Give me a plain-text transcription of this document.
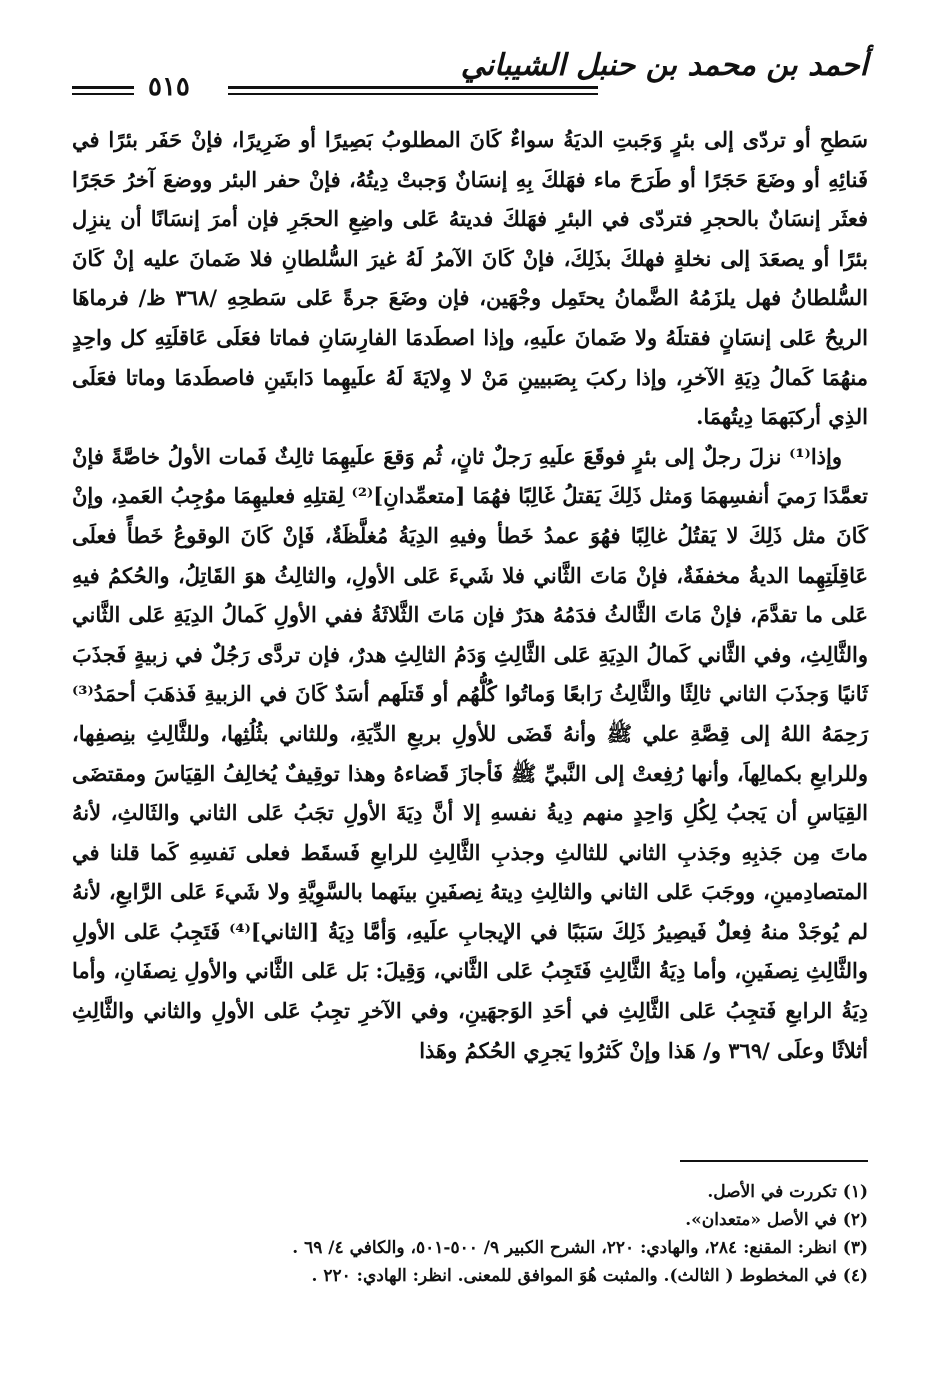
أحمد بن محمد بن حنبل الشيباني
٥١٥

سَطحِ أو تردّى إلى بئرٍ وَجَبتِ الديَةُ سواءٌ كَانَ المطلوبُ بَصِيرًا أو ضَرِيرًا، فإنْ حَفَر بئرًا في فَنائِهِ أو وضَعَ حَجَرًا أو طَرَحَ ماء فهَلكَ بِهِ إنسَانٌ وَجبتْ دِيتُهُ، فإنْ حفر البئر ووضعَ آخرُ حَجَرًا فعثَر إنسَانٌ بالحجرِ فتردّى في البئرِ فهَلكَ فديتهُ عَلى واضِعِ الحجَرِ فإن أمرَ إنسَانًا أن ينزِل بئرًا أو يصعَدَ إلى نخلةٍ فهلكَ بذَلِكَ، فإنْ كَانَ الآمرُ لَهُ غيرَ السُّلطانِ فلا ضَمانَ عليه إنْ كَانَ السُّلطانُ فهل يلزَمُهُ الضَّمانُ يحتَمِل وجْهَين، فإن وضَعَ جرةً عَلى سَطحِهِ /٣٦٨ ظ/ فرماهَا الريحُ عَلى إنسَانٍ فقتلَهُ ولا ضَمانَ علَيهِ، وإذا اصطَدمَا الفارِسَانِ فماتا فعَلَى عَاقلَتِهِ كل واحِدٍ منهُمَا كَمالُ دِيَةِ الآخرِ، وإذا ركبَ بِصَبيينِ مَنْ لا وِلايَةَ لَهُ علَيهِما دَابتَينِ فاصطَدمَا وماتا فعَلَى الذِي أركبَهمَا دِيتُهمَا.

وإذا⁽¹⁾ نزلَ رجلٌ إلى بئرٍ فوقَعَ علَيهِ رَجلٌ ثانٍ، ثُم وَقعَ علَيهِمَا ثالِثٌ فَمات الأولُ خاصَّةً فإنْ تعمَّدَا رَميَ أنفسِهمَا وَمثل ذَلِكَ يَقتلُ غَالِبًا فهُمَا [متعمِّدانِ]⁽²⁾ لِقتلِهِ فعليهِمَا موُجِبُ العَمدِ، وإنْ كَانَ مثل ذَلِكَ لا يَقتُلُ غالِبًا فهُوَ عمدُ خَطأ وفيهِ الدِيَةُ مُغلَّظَةٌ، فَإنْ كَانَ الوقوعُ خَطأً فعلَى عَاقِلَتِهِما الديةُ مخففَةٌ، فإنْ مَاتَ الثَّاني فلا شَيءَ عَلى الأولِ، والثالِثُ هوَ القَاتِلُ، والحُكمُ فيهِ عَلى ما تقدَّمَ، فإنْ مَاتَ الثَّالثُ فدَمُهُ هدَرٌ فإن مَاتَ الثَّلاثَةُ ففي الأولِ كَمالُ الدِيَةِ عَلى الثَّاني والثَّالِثِ، وفي الثَّاني كَمالُ الدِيَةِ عَلى الثَّالِثِ وَدَمُ الثالِثِ هدرٌ، فإن تردَّى رَجُلٌ في زبيةٍ فَجذَبَ ثَانيًا وَجذَبَ الثاني ثالِثًا والثَّالِثُ رَابعًا وَماتُوا كُلُّهُم أو قَتلَهم أسَدٌ كَانَ في الزبيةِ فَذهَبَ أحمَدُ⁽³⁾ رَحِمَهُ اللهُ إلى قِصَّةِ علي ﷺ وأنهُ قَضَى للأولِ بربعِ الدِّيَةِ، وللثاني بثُلُثِها، وللثَّالِثِ بنِصفِها، وللرابعِ بكمالِهاَ، وأنها رُفِعتْ إلى النَّبيِّ ﷺ فَأجازَ قَضاءهُ وهذا توقِيفٌ يُخالِفُ القِيَاسَ ومقتضَى القِيَاسِ أن يَجبُ لِكُلِ وَاحِدٍ منهم دِيةُ نفسهِ إلا أنَّ دِيَةَ الأولِ تجَبُ عَلى الثاني والثَالثِ، لأنهُ ماتَ مِن جَذبِهِ وجَذبِ الثاني للثالثِ وجذبِ الثَّالِثِ للرابعِ فَسقَط فعلى نَفسِهِ كَما قلنا في المتصادِمينِ، ووجَبَ عَلى الثاني والثالِثِ دِيتهُ نِصفَينِ بينَهما بالسَّوِيَّةِ ولا شَيءَ عَلى الرَّابعِ، لأنهُ لم يُوجَدْ منهُ فِعلٌ فَيصِيرُ ذَلِكَ سَبَبًا في الإيجابِ علَيهِ، وَأمَّا دِيَةُ [الثاني]⁽⁴⁾ فَتَجِبُ عَلى الأولِ والثَّالِثِ نِصفَينِ، وأما دِيَةُ الثَّالِثِ فَتَجِبُ عَلى الثَّاني، وَقِيلَ: بَل عَلى الثَّاني والأولِ نِصفَانِ، وأما دِيَةُ الرابعِ فَتجِبُ عَلى الثَّالِثِ في أحَدِ الوَجهَينِ، وفي الآخرِ تجِبُ عَلى الأولِ والثاني والثَّالِثِ أثلاثًا وعلَى /٣٦٩ و/ هَذا وإنْ كَثرُوا يَجرِي الحُكمُ وهَذا

(١) تكررت في الأصل.

(٢) في الأصل «متعدان».

(٣) انظر: المقنع: ٢٨٤، والهادي: ٢٢٠، الشرح الكبير ٩/ ٥٠٠-٥٠١، والكافي ٤/ ٦٩ .

(٤) في المخطوط ( الثالث). والمثبت هُوَ الموافق للمعنى. انظر: الهادي: ٢٢٠ .
